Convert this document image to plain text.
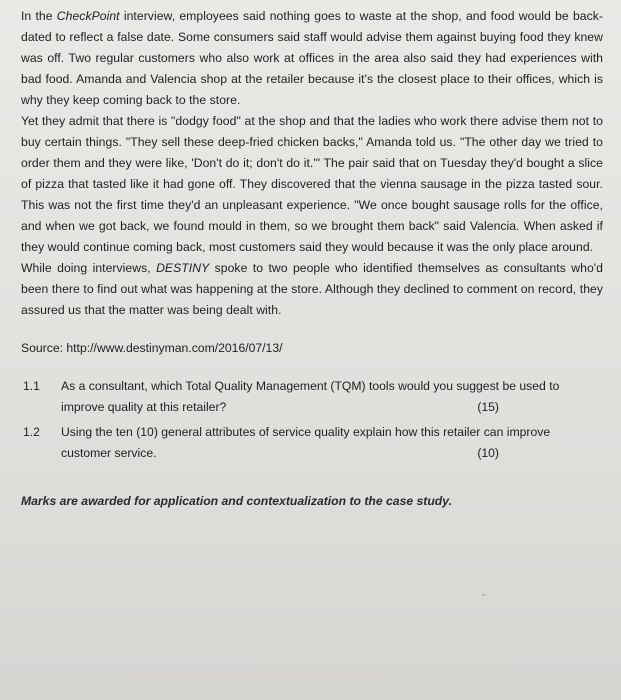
In the CheckPoint interview, employees said nothing goes to waste at the shop, and food would be back-dated to reflect a false date. Some consumers said staff would advise them against buying food they knew was off. Two regular customers who also work at offices in the area also said they had experiences with bad food. Amanda and Valencia shop at the retailer because it's the closest place to their offices, which is why they keep coming back to the store.

Yet they admit that there is "dodgy food" at the shop and that the ladies who work there advise them not to buy certain things. "They sell these deep-fried chicken backs," Amanda told us. "The other day we tried to order them and they were like, 'Don't do it; don't do it.'" The pair said that on Tuesday they'd bought a slice of pizza that tasted like it had gone off. They discovered that the vienna sausage in the pizza tasted sour. This was not the first time they'd an unpleasant experience. "We once bought sausage rolls for the office, and when we got back, we found mould in them, so we brought them back" said Valencia. When asked if they would continue coming back, most customers said they would because it was the only place around.

While doing interviews, DESTINY spoke to two people who identified themselves as consultants who'd been there to find out what was happening at the store. Although they declined to comment on record, they assured us that the matter was being dealt with.

Source: http://www.destinyman.com/2016/07/13/
1.1 As a consultant, which Total Quality Management (TQM) tools would you suggest be used to improve quality at this retailer?	(15)
1.2 Using the ten (10) general attributes of service quality explain how this retailer can improve customer service.	(10)
Marks are awarded for application and contextualization to the case study.
